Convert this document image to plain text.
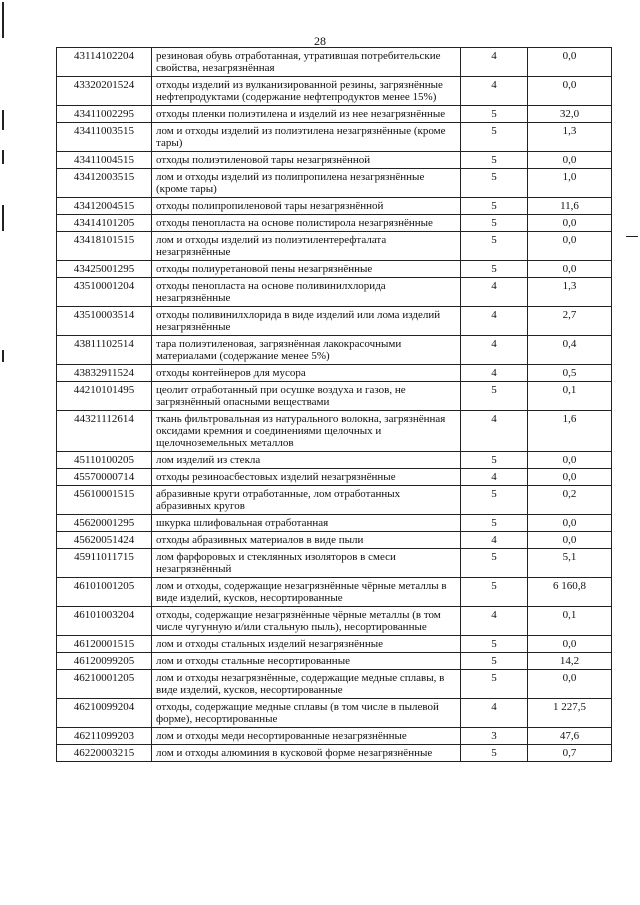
28
43114102204	резиновая обувь отработанная, утратившая потребительские свойства, незагрязнённая	4	0,0
43320201524	отходы изделий из вулканизированной резины, загрязнённые нефтепродуктами (содержание нефтепродуктов менее 15%)	4	0,0
43411002295	отходы пленки полиэтилена и изделий из нее незагрязнённые	5	32,0
43411003515	лом и отходы изделий из полиэтилена незагрязнённые (кроме тары)	5	1,3
43411004515	отходы полиэтиленовой тары незагрязнённой	5	0,0
43412003515	лом и отходы изделий из полипропилена незагрязнённые (кроме тары)	5	1,0
43412004515	отходы полипропиленовой тары незагрязнённой	5	11,6
43414101205	отходы пенопласта на основе полистирола незагрязнённые	5	0,0
43418101515	лом и отходы изделий из полиэтилентерефталата незагрязнённые	5	0,0
43425001295	отходы полиуретановой пены незагрязнённые	5	0,0
43510001204	отходы пенопласта на основе поливинилхлорида незагрязнённые	4	1,3
43510003514	отходы поливинилхлорида в виде изделий или лома изделий незагрязнённые	4	2,7
43811102514	тара полиэтиленовая, загрязнённая лакокрасочными материалами (содержание менее 5%)	4	0,4
43832911524	отходы контейнеров для мусора	4	0,5
44210101495	цеолит отработанный при осушке воздуха и газов, не загрязнённый опасными веществами	5	0,1
44321112614	ткань фильтровальная из натурального волокна, загрязнённая оксидами кремния и соединениями щелочных и щелочноземельных металлов	4	1,6
45110100205	лом изделий из стекла	5	0,0
45570000714	отходы резиноасбестовых изделий незагрязнённые	4	0,0
45610001515	абразивные круги отработанные, лом отработанных абразивных кругов	5	0,2
45620001295	шкурка шлифовальная отработанная	5	0,0
45620051424	отходы абразивных материалов в виде пыли	4	0,0
45911011715	лом фарфоровых и стеклянных изоляторов в смеси незагрязнённый	5	5,1
46101001205	лом и отходы, содержащие незагрязнённые чёрные металлы в виде изделий, кусков, несортированные	5	6 160,8
46101003204	отходы, содержащие незагрязнённые чёрные металлы (в том числе чугунную и/или стальную пыль), несортированные	4	0,1
46120001515	лом и отходы стальных изделий незагрязнённые	5	0,0
46120099205	лом и отходы стальные несортированные	5	14,2
46210001205	лом и отходы незагрязнённые, содержащие медные сплавы, в виде изделий, кусков, несортированные	5	0,0
46210099204	отходы, содержащие медные сплавы (в том числе в пылевой форме), несортированные	4	1 227,5
46211099203	лом и отходы меди несортированные незагрязнённые	3	47,6
46220003215	лом и отходы алюминия в кусковой форме незагрязнённые	5	0,7
